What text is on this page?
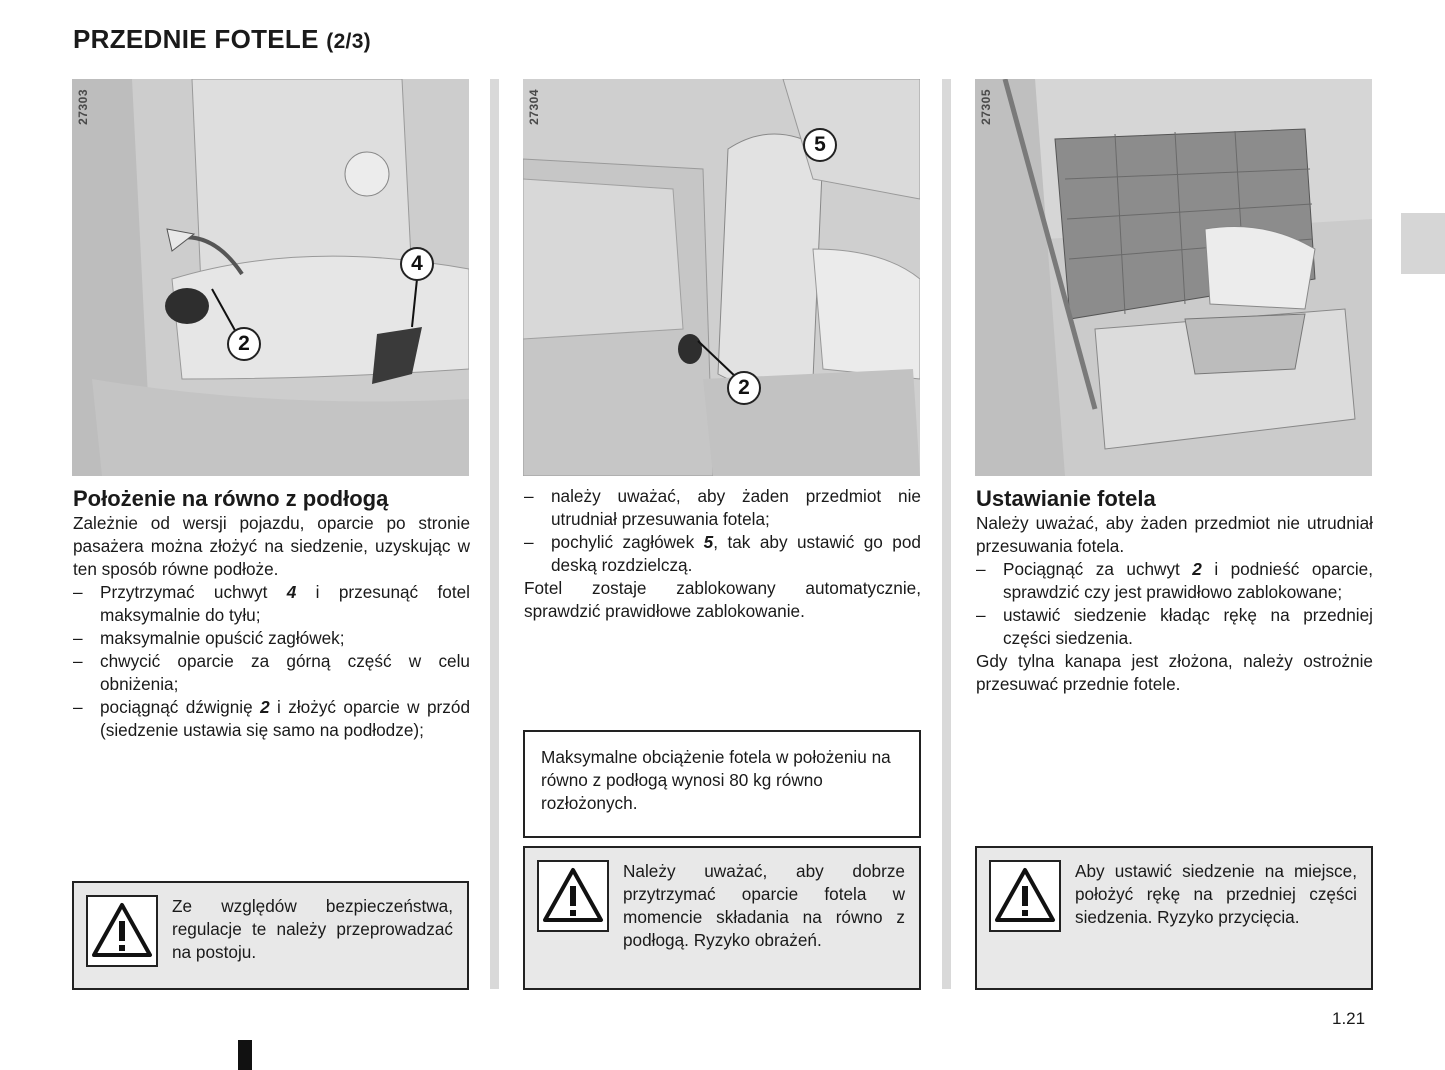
PRZEDNIE FOTELE (2/3)
27303
4
2
27304
5
2
27305
Położenie na równo z podłogą

Zależnie od wersji pojazdu, oparcie po stronie pasażera można złożyć na siedzenie, uzyskując w ten sposób równe podłoże.

– Przytrzymać uchwyt 4 i przesunąć fotel maksymalnie do tyłu;
– maksymalnie opuścić zagłówek;
– chwycić oparcie za górną część w celu obniżenia;
– pociągnąć dźwignię 2 i złożyć oparcie w przód (siedzenie ustawia się samo na podłodze);
– należy uważać, aby żaden przedmiot nie utrudniał przesuwania fotela;
– pochylić zagłówek 5, tak aby ustawić go pod deską rozdzielczą.

Fotel zostaje zablokowany automatycznie, sprawdzić prawidłowe zablokowanie.

Ustawianie fotela

Należy uważać, aby żaden przedmiot nie utrudniał przesuwania fotela.

– Pociągnąć za uchwyt 2 i podnieść oparcie, sprawdzić czy jest prawidłowo zablokowane;
– ustawić siedzenie kładąc rękę na przedniej części siedzenia.

Gdy tylna kanapa jest złożona, należy ostrożnie przesuwać przednie fotele.

Maksymalne obciążenie fotela w położeniu na równo z podłogą wynosi 80 kg równo rozłożonych.
Ze względów bezpieczeństwa, regulacje te należy przeprowadzać na postoju.
Należy uważać, aby dobrze przytrzymać oparcie fotela w momencie składania na równo z podłogą. Ryzyko obrażeń.
Aby ustawić siedzenie na miejsce, położyć rękę na przedniej części siedzenia. Ryzyko przycięcia.
1.21
